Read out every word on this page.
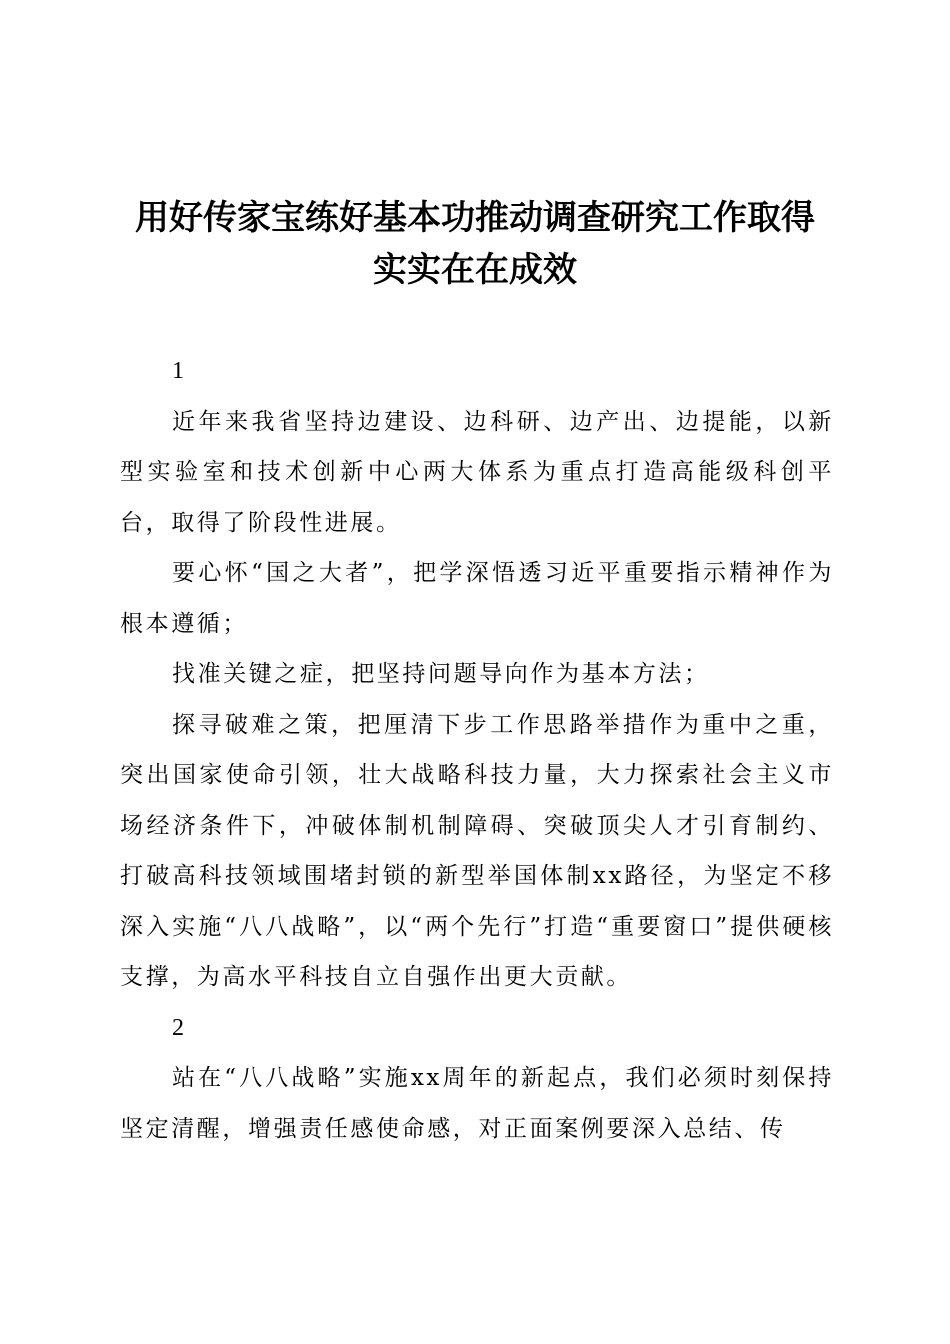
用好传家宝练好基本功推动调查研究工作取得
实实在在成效

1

近年来我省坚持边建设、边科研、边产出、边提能，以新型实验室和技术创新中心两大体系为重点打造高能级科创平台，取得了阶段性进展。

要心怀“国之大者”，把学深悟透习近平重要指示精神作为根本遵循；

找准关键之症，把坚持问题导向作为基本方法；

探寻破难之策，把厘清下步工作思路举措作为重中之重，突出国家使命引领，壮大战略科技力量，大力探索社会主义市场经济条件下，冲破体制机制障碍、突破顶尖人才引育制约、打破高科技领域围堵封锁的新型举国体制xx路径，为坚定不移深入实施“八八战略”，以“两个先行”打造“重要窗口”提供硬核支撑，为高水平科技自立自强作出更大贡献。

2

站在“八八战略”实施xx周年的新起点，我们必须时刻保持坚定清醒，增强责任感使命感，对正面案例要深入总结、传
